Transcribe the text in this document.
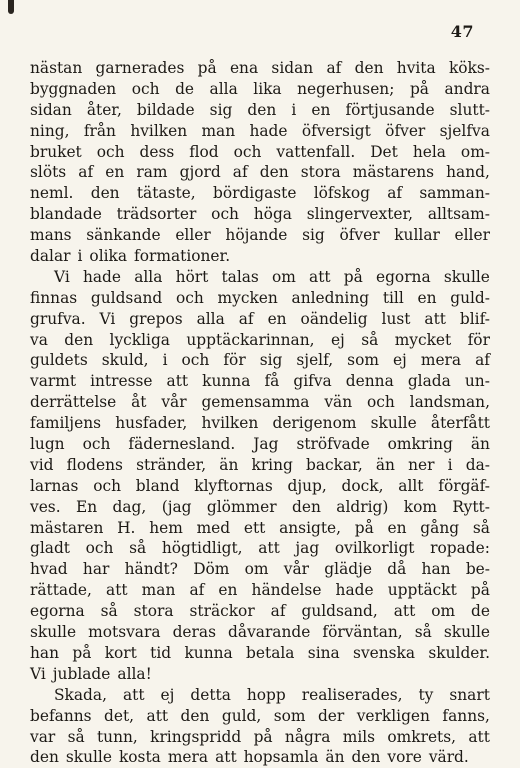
47
nästan garnerades på ena sidan af den hvita köks-
byggnaden och de alla lika negerhusen; på andra
sidan åter, bildade sig den i en förtjusande slutt-
ning, från hvilken man hade öfversigt öfver sjelfva
bruket och dess flod och vattenfall. Det hela om-
slöts af en ram gjord af den stora mästarens hand,
neml. den tätaste, bördigaste löfskog af samman-
blandade trädsorter och höga slingervexter, alltsam-
mans sänkande eller höjande sig öfver kullar eller
dalar i olika formationer.
Vi hade alla hört talas om att på egorna skulle
finnas guldsand och mycken anledning till en guld-
grufva. Vi grepos alla af en oändelig lust att blif-
va den lyckliga upptäckarinnan, ej så mycket för
guldets skuld, i och för sig sjelf, som ej mera af
varmt intresse att kunna få gifva denna glada un-
derrättelse åt vår gemensamma vän och landsman,
familjens husfader, hvilken derigenom skulle återfått
lugn och fädernesland. Jag ströfvade omkring än
vid flodens stränder, än kring backar, än ner i da-
larnas och bland klyftornas djup, dock, allt förgäf-
ves. En dag, (jag glömmer den aldrig) kom Rytt-
mästaren H. hem med ett ansigte, på en gång så
gladt och så högtidligt, att jag ovilkorligt ropade:
hvad har händt? Döm om vår glädje då han be-
rättade, att man af en händelse hade upptäckt på
egorna så stora sträckor af guldsand, att om de
skulle motsvara deras dåvarande förväntan, så skulle
han på kort tid kunna betala sina svenska skulder.
Vi jublade alla!
Skada, att ej detta hopp realiserades, ty snart
befanns det, att den guld, som der verkligen fanns,
var så tunn, kringspridd på några mils omkrets, att
den skulle kosta mera att hopsamla än den vore värd.
